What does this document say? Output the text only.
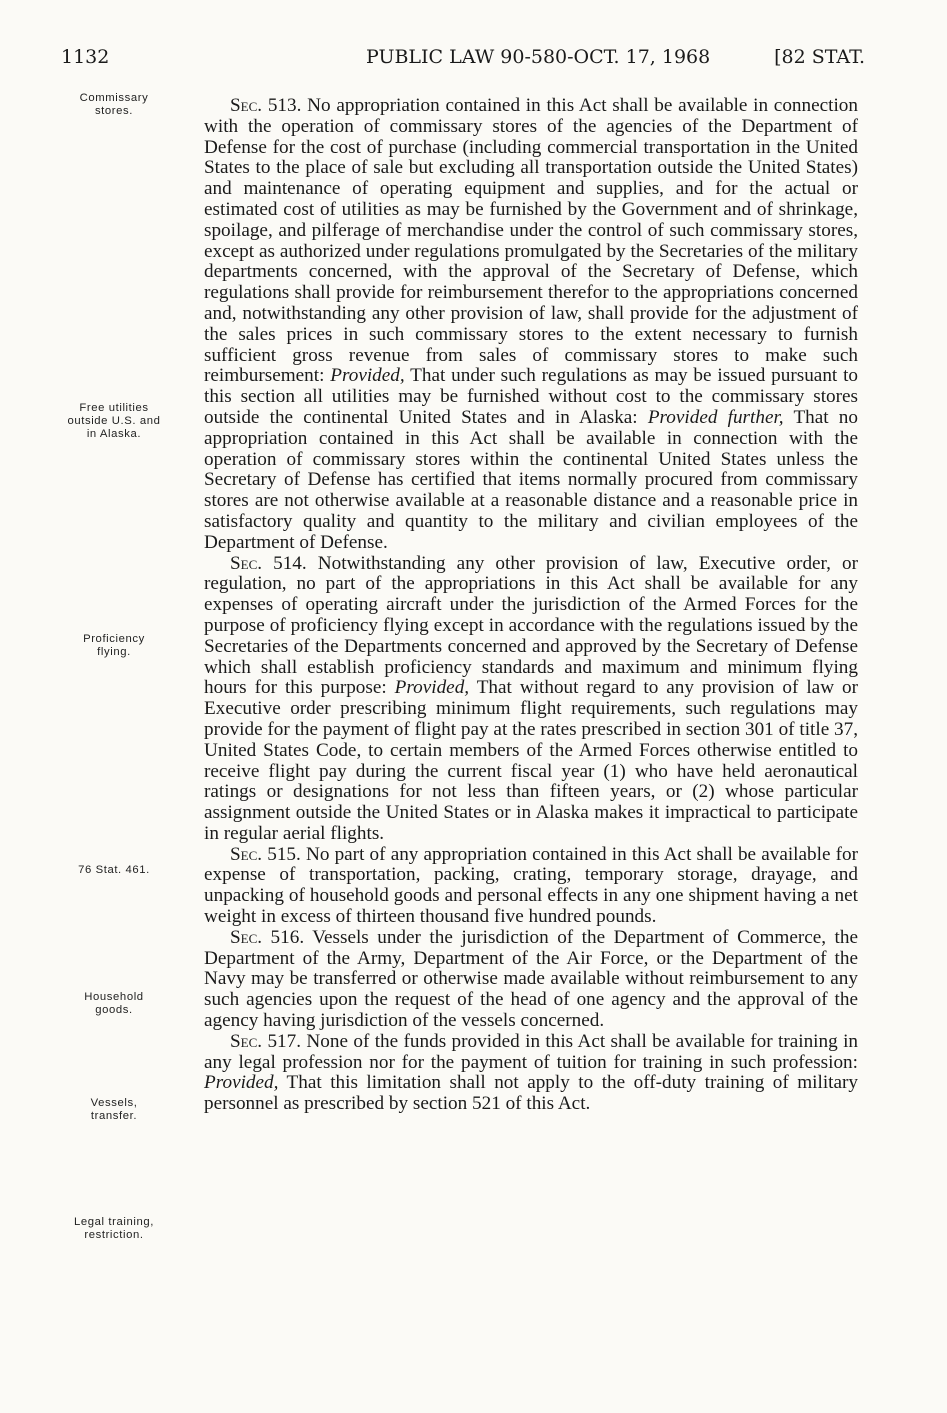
1132	PUBLIC LAW 90-580-OCT. 17, 1968	[82 STAT.
Commissary
stores.
Free utilities
outside U.S. and
in Alaska.
Proficiency
flying.
76 Stat. 461.
Household
goods.
Vessels,
transfer.
Legal training,
restriction.

Sec. 513. No appropriation contained in this Act shall be available in connection with the operation of commissary stores of the agencies of the Department of Defense for the cost of purchase (including commercial transportation in the United States to the place of sale but excluding all transportation outside the United States) and maintenance of operating equipment and supplies, and for the actual or estimated cost of utilities as may be furnished by the Government and of shrinkage, spoilage, and pilferage of merchandise under the control of such commissary stores, except as authorized under regulations promulgated by the Secretaries of the military departments concerned, with the approval of the Secretary of Defense, which regulations shall provide for reimbursement therefor to the appropriations concerned and, notwithstanding any other provision of law, shall provide for the adjustment of the sales prices in such commissary stores to the extent necessary to furnish sufficient gross revenue from sales of commissary stores to make such reimbursement: Provided, That under such regulations as may be issued pursuant to this section all utilities may be furnished without cost to the commissary stores outside the continental United States and in Alaska: Provided further, That no appropriation contained in this Act shall be available in connection with the operation of commissary stores within the continental United States unless the Secretary of Defense has certified that items normally procured from commissary stores are not otherwise available at a reasonable distance and a reasonable price in satisfactory quality and quantity to the military and civilian employees of the Department of Defense.

Sec. 514. Notwithstanding any other provision of law, Executive order, or regulation, no part of the appropriations in this Act shall be available for any expenses of operating aircraft under the jurisdiction of the Armed Forces for the purpose of proficiency flying except in accordance with the regulations issued by the Secretaries of the Departments concerned and approved by the Secretary of Defense which shall establish proficiency standards and maximum and minimum flying hours for this purpose: Provided, That without regard to any provision of law or Executive order prescribing minimum flight requirements, such regulations may provide for the payment of flight pay at the rates prescribed in section 301 of title 37, United States Code, to certain members of the Armed Forces otherwise entitled to receive flight pay during the current fiscal year (1) who have held aeronautical ratings or designations for not less than fifteen years, or (2) whose particular assignment outside the United States or in Alaska makes it impractical to participate in regular aerial flights.

Sec. 515. No part of any appropriation contained in this Act shall be available for expense of transportation, packing, crating, temporary storage, drayage, and unpacking of household goods and personal effects in any one shipment having a net weight in excess of thirteen thousand five hundred pounds.

Sec. 516. Vessels under the jurisdiction of the Department of Commerce, the Department of the Army, Department of the Air Force, or the Department of the Navy may be transferred or otherwise made available without reimbursement to any such agencies upon the request of the head of one agency and the approval of the agency having jurisdiction of the vessels concerned.

Sec. 517. None of the funds provided in this Act shall be available for training in any legal profession nor for the payment of tuition for training in such profession: Provided, That this limitation shall not apply to the off-duty training of military personnel as prescribed by section 521 of this Act.
